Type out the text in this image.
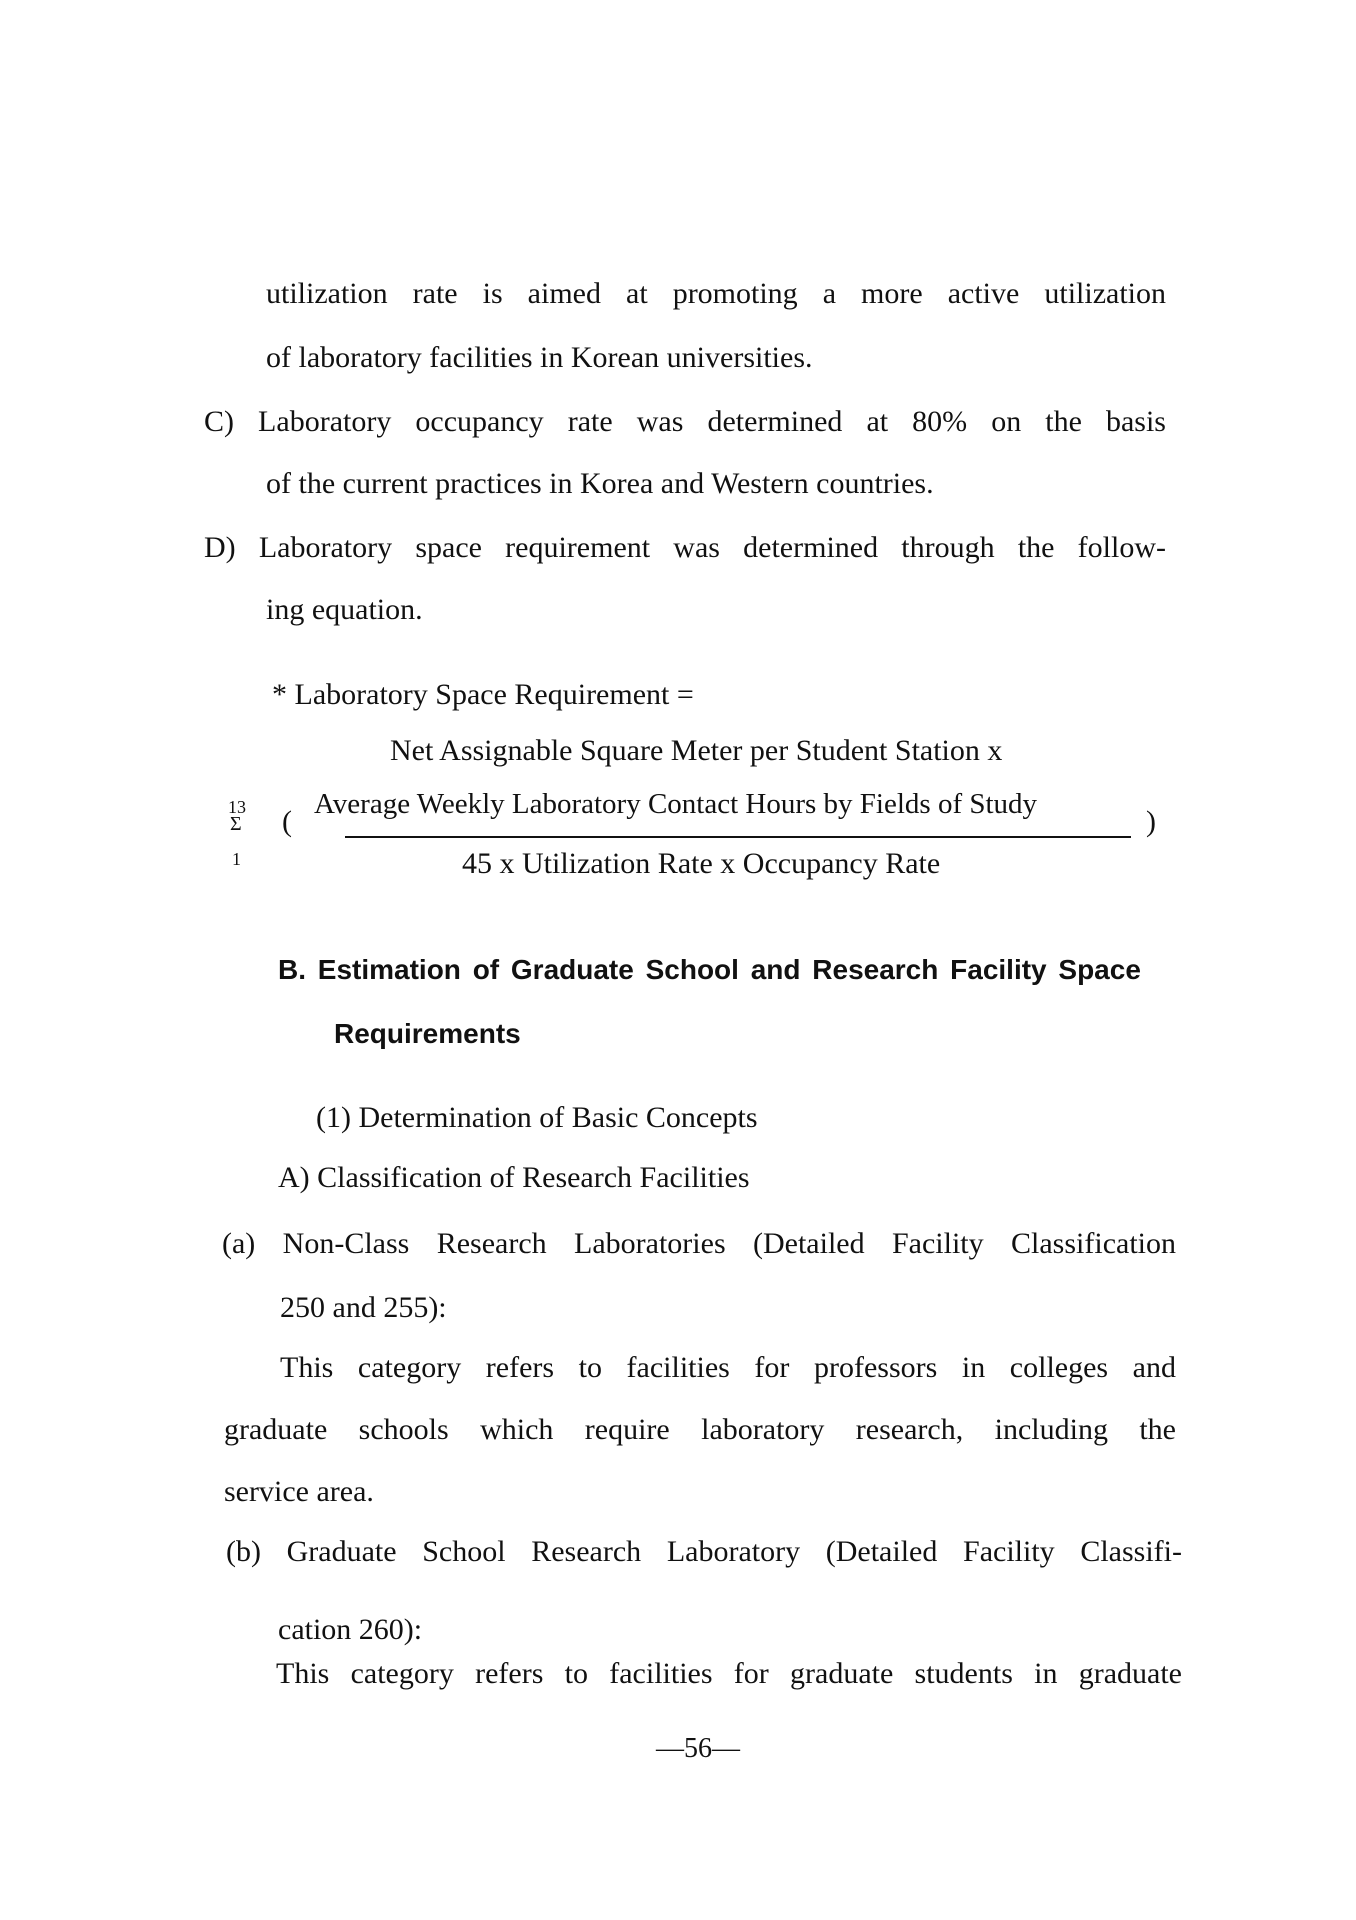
utilization rate is aimed at promoting a more active utilization
of laboratory facilities in Korean universities.
C) Laboratory occupancy rate was determined at 80% on the basis
of the current practices in Korea and Western countries.
D) Laboratory space requirement was determined through the follow-
ing equation.
* Laboratory Space Requirement =
Net Assignable Square Meter per Student Station x
13
Σ
1
(
Average Weekly Laboratory Contact Hours by Fields of Study
)
45 x Utilization Rate x Occupancy Rate
B. Estimation of Graduate School and Research Facility Space
Requirements
(1) Determination of Basic Concepts
A) Classification of Research Facilities
(a) Non-Class Research Laboratories (Detailed Facility Classification
250 and 255):
This category refers to facilities for professors in colleges and
graduate schools which require laboratory research, including the
service area.
(b) Graduate School Research Laboratory (Detailed Facility Classifi-
cation 260):
This category refers to facilities for graduate students in graduate
—56—
